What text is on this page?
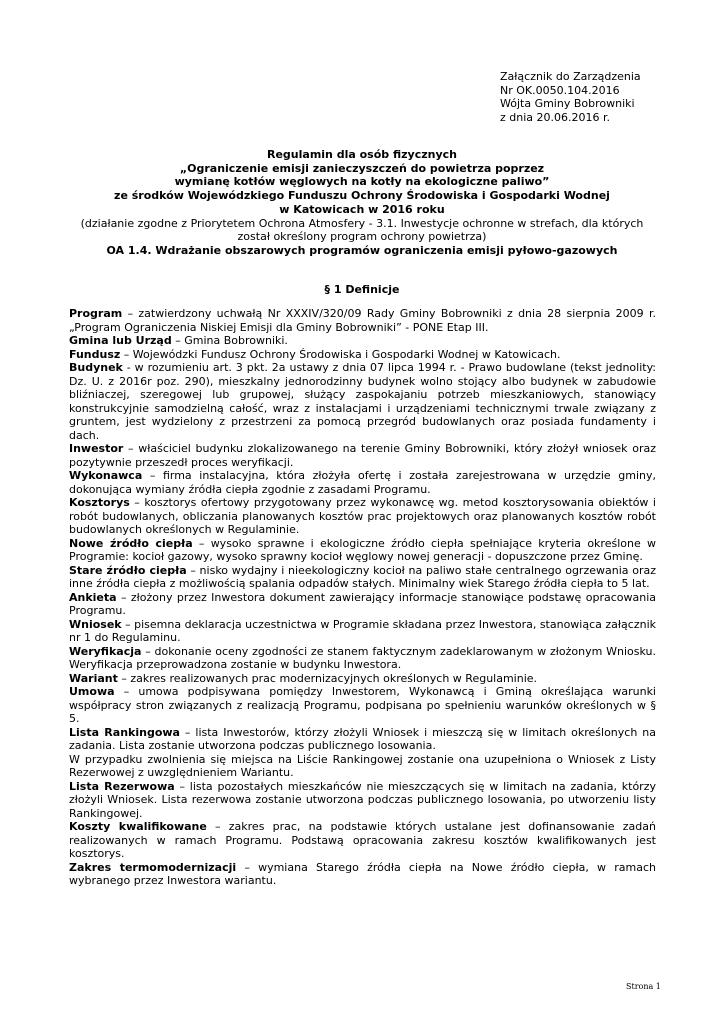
Załącznik do Zarządzenia
Nr OK.0050.104.2016
Wójta Gminy Bobrowniki
z dnia 20.06.2016 r.
Regulamin dla osób fizycznych
„Ograniczenie emisji zanieczyszczeń do powietrza poprzez
wymianę kotłów węglowych na kotły na ekologiczne paliwo”
ze środków Wojewódzkiego Funduszu Ochrony Środowiska i Gospodarki Wodnej
w Katowicach w 2016 roku
(działanie zgodne z Priorytetem Ochrona Atmosfery - 3.1. Inwestycje ochronne w strefach, dla których
został określony program ochrony powietrza)
OA 1.4. Wdrażanie obszarowych programów ograniczenia emisji pyłowo-gazowych
§ 1 Definicje

Program – zatwierdzony uchwałą Nr XXXIV/320/09 Rady Gminy Bobrowniki z dnia 28 sierpnia 2009 r. „Program Ograniczenia Niskiej Emisji dla Gminy Bobrowniki” - PONE Etap III.

Gmina lub Urząd – Gmina Bobrowniki.

Fundusz – Wojewódzki Fundusz Ochrony Środowiska i Gospodarki Wodnej w Katowicach.

Budynek - w rozumieniu art. 3 pkt. 2a ustawy z dnia 07 lipca 1994 r. - Prawo budowlane (tekst jednolity: Dz. U. z 2016r poz. 290), mieszkalny jednorodzinny budynek wolno stojący albo budynek w zabudowie bliźniaczej, szeregowej lub grupowej, służący zaspokajaniu potrzeb mieszkaniowych, stanowiący konstrukcyjnie samodzielną całość, wraz z instalacjami i urządzeniami technicznymi trwale związany z gruntem, jest wydzielony z przestrzeni za pomocą przegród budowlanych oraz posiada fundamenty i dach.

Inwestor – właściciel budynku zlokalizowanego na terenie Gminy Bobrowniki, który złożył wniosek oraz pozytywnie przeszedł proces weryfikacji.

Wykonawca – firma instalacyjna, która złożyła ofertę i została zarejestrowana w urzędzie gminy, dokonująca wymiany źródła ciepła zgodnie z zasadami Programu.

Kosztorys – kosztorys ofertowy przygotowany przez wykonawcę wg. metod kosztorysowania obiektów i robót budowlanych, obliczania planowanych kosztów prac projektowych oraz planowanych kosztów robót budowlanych określonych w Regulaminie.

Nowe źródło ciepła – wysoko sprawne i ekologiczne źródło ciepła spełniające kryteria określone w Programie: kocioł gazowy, wysoko sprawny kocioł węglowy nowej generacji - dopuszczone przez Gminę.

Stare źródło ciepła – nisko wydajny i nieekologiczny kocioł na paliwo stałe centralnego ogrzewania oraz inne źródła ciepła z możliwością spalania odpadów stałych. Minimalny wiek Starego źródła ciepła to 5 lat.

Ankieta – złożony przez Inwestora dokument zawierający informacje stanowiące podstawę opracowania Programu.

Wniosek – pisemna deklaracja uczestnictwa w Programie składana przez Inwestora, stanowiąca załącznik nr 1 do Regulaminu.

Weryfikacja – dokonanie oceny zgodności ze stanem faktycznym zadeklarowanym w złożonym Wniosku. Weryfikacja przeprowadzona zostanie w budynku Inwestora.

Wariant – zakres realizowanych prac modernizacyjnych określonych w Regulaminie.

Umowa – umowa podpisywana pomiędzy Inwestorem, Wykonawcą i Gminą określająca warunki współpracy stron związanych z realizacją Programu, podpisana po spełnieniu warunków określonych w § 5.

Lista Rankingowa – lista Inwestorów, którzy złożyli Wniosek i mieszczą się w limitach określonych na zadania. Lista zostanie utworzona podczas publicznego losowania.

W przypadku zwolnienia się miejsca na Liście Rankingowej zostanie ona uzupełniona o Wniosek z Listy Rezerwowej z uwzględnieniem Wariantu.

Lista Rezerwowa – lista pozostałych mieszkańców nie mieszczących się w limitach na zadania, którzy złożyli Wniosek. Lista rezerwowa zostanie utworzona podczas publicznego losowania, po utworzeniu listy Rankingowej.

Koszty kwalifikowane – zakres prac, na podstawie których ustalane jest dofinansowanie zadań realizowanych w ramach Programu. Podstawą opracowania zakresu kosztów kwalifikowanych jest kosztorys.

Zakres termomodernizacji – wymiana Starego źródła ciepła na Nowe źródło ciepła, w ramach wybranego przez Inwestora wariantu.

Strona 1
